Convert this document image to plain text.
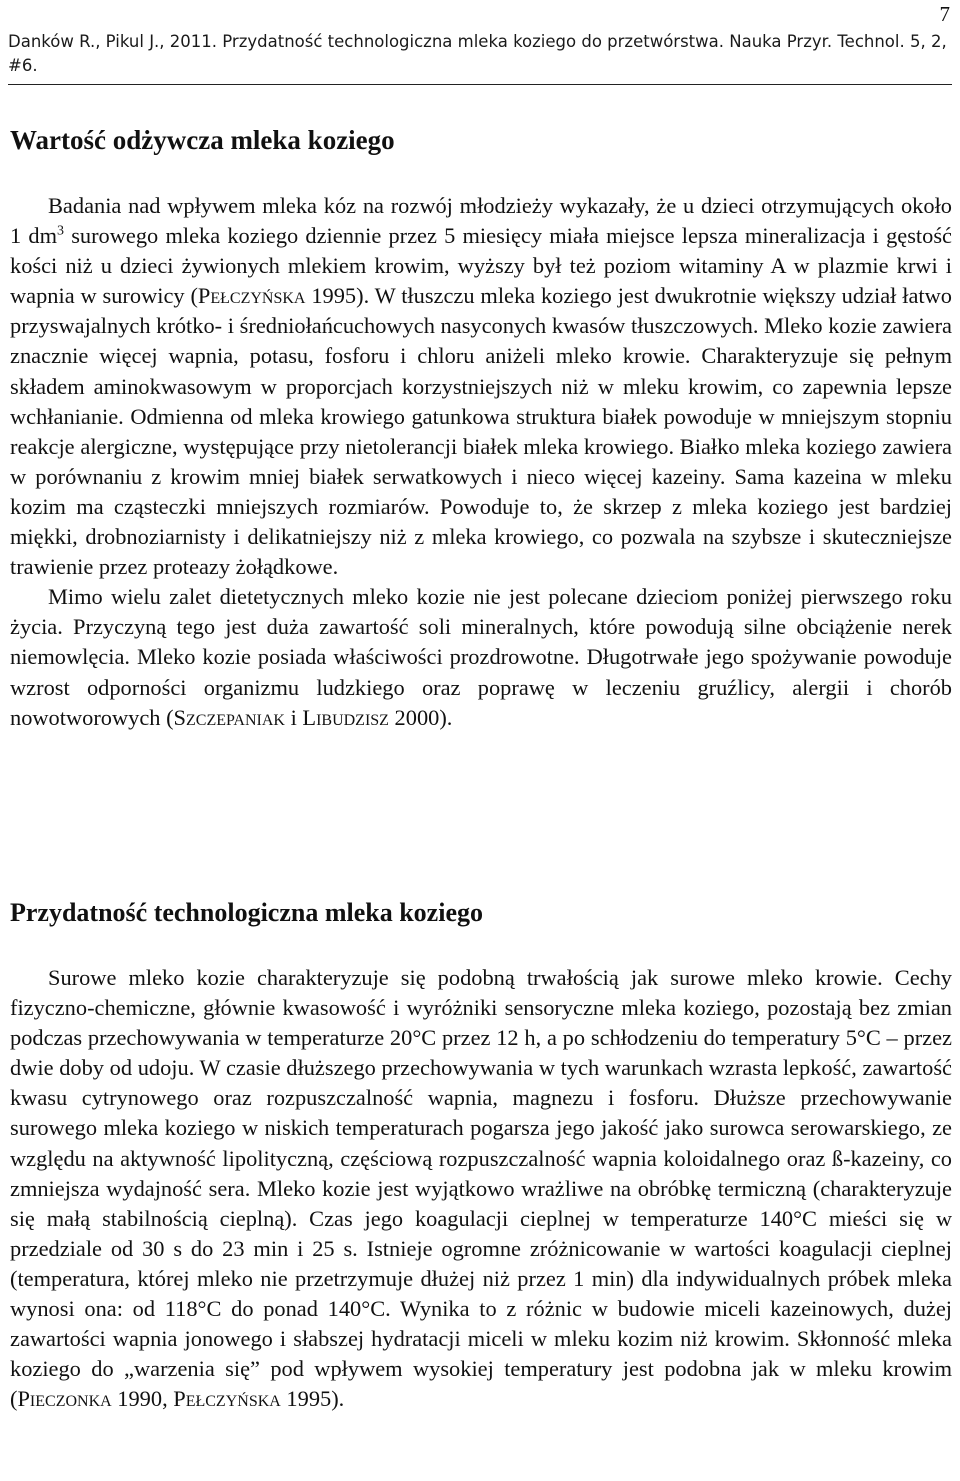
7
Danków R., Pikul J., 2011. Przydatność technologiczna mleka koziego do przetwórstwa. Nauka Przyr. Technol. 5, 2, #6.
Wartość odżywcza mleka koziego

Badania nad wpływem mleka kóz na rozwój młodzieży wykazały, że u dzieci otrzymujących około 1 $dm^3$ surowego mleka koziego dziennie przez 5 miesięcy miała miejsce lepsza mineralizacja i gęstość kości niż u dzieci żywionych mlekiem krowim, wyższy był też poziom witaminy A w plazmie krwi i wapnia w surowicy (Pełczyńska 1995). W tłuszczu mleka koziego jest dwukrotnie większy udział łatwo przyswajalnych krótko- i średniołańcuchowych nasyconych kwasów tłuszczowych. Mleko kozie zawiera znacznie więcej wapnia, potasu, fosforu i chloru aniżeli mleko krowie. Charakteryzuje się pełnym składem aminokwasowym w proporcjach korzystniejszych niż w mleku krowim, co zapewnia lepsze wchłanianie. Odmienna od mleka krowiego gatunkowa struktura białek powoduje w mniejszym stopniu reakcje alergiczne, występujące przy nietolerancji białek mleka krowiego. Białko mleka koziego zawiera w porównaniu z krowim mniej białek serwatkowych i nieco więcej kazeiny. Sama kazeina w mleku kozim ma cząsteczki mniejszych rozmiarów. Powoduje to, że skrzep z mleka koziego jest bardziej miękki, drobnoziarnisty i delikatniejszy niż z mleka krowiego, co pozwala na szybsze i skuteczniejsze trawienie przez proteazy żołądkowe.

Mimo wielu zalet dietetycznych mleko kozie nie jest polecane dzieciom poniżej pierwszego roku życia. Przyczyną tego jest duża zawartość soli mineralnych, które powodują silne obciążenie nerek niemowlęcia. Mleko kozie posiada właściwości prozdrowotne. Długotrwałe jego spożywanie powoduje wzrost odporności organizmu ludzkiego oraz poprawę w leczeniu gruźlicy, alergii i chorób nowotworowych (Szczepaniak i Libudzisz 2000).

Przydatność technologiczna mleka koziego

Surowe mleko kozie charakteryzuje się podobną trwałością jak surowe mleko krowie. Cechy fizyczno-chemiczne, głównie kwasowość i wyróżniki sensoryczne mleka koziego, pozostają bez zmian podczas przechowywania w temperaturze 20°C przez 12 h, a po schłodzeniu do temperatury 5°C – przez dwie doby od udoju. W czasie dłuższego przechowywania w tych warunkach wzrasta lepkość, zawartość kwasu cytrynowego oraz rozpuszczalność wapnia, magnezu i fosforu. Dłuższe przechowywanie surowego mleka koziego w niskich temperaturach pogarsza jego jakość jako surowca serowarskiego, ze względu na aktywność lipolityczną, częściową rozpuszczalność wapnia koloidalnego oraz ß-kazeiny, co zmniejsza wydajność sera. Mleko kozie jest wyjątkowo wrażliwe na obróbkę termiczną (charakteryzuje się małą stabilnością cieplną). Czas jego koagulacji cieplnej w temperaturze 140°C mieści się w przedziale od 30 s do 23 min i 25 s. Istnieje ogromne zróżnicowanie w wartości koagulacji cieplnej (temperatura, której mleko nie przetrzymuje dłużej niż przez 1 min) dla indywidualnych próbek mleka wynosi ona: od 118°C do ponad 140°C. Wynika to z różnic w budowie miceli kazeinowych, dużej zawartości wapnia jonowego i słabszej hydratacji miceli w mleku kozim niż krowim. Skłonność mleka koziego do „warzenia się” pod wpływem wysokiej temperatury jest podobna jak w mleku krowim (Pieczonka 1990, Pełczyńska 1995).
